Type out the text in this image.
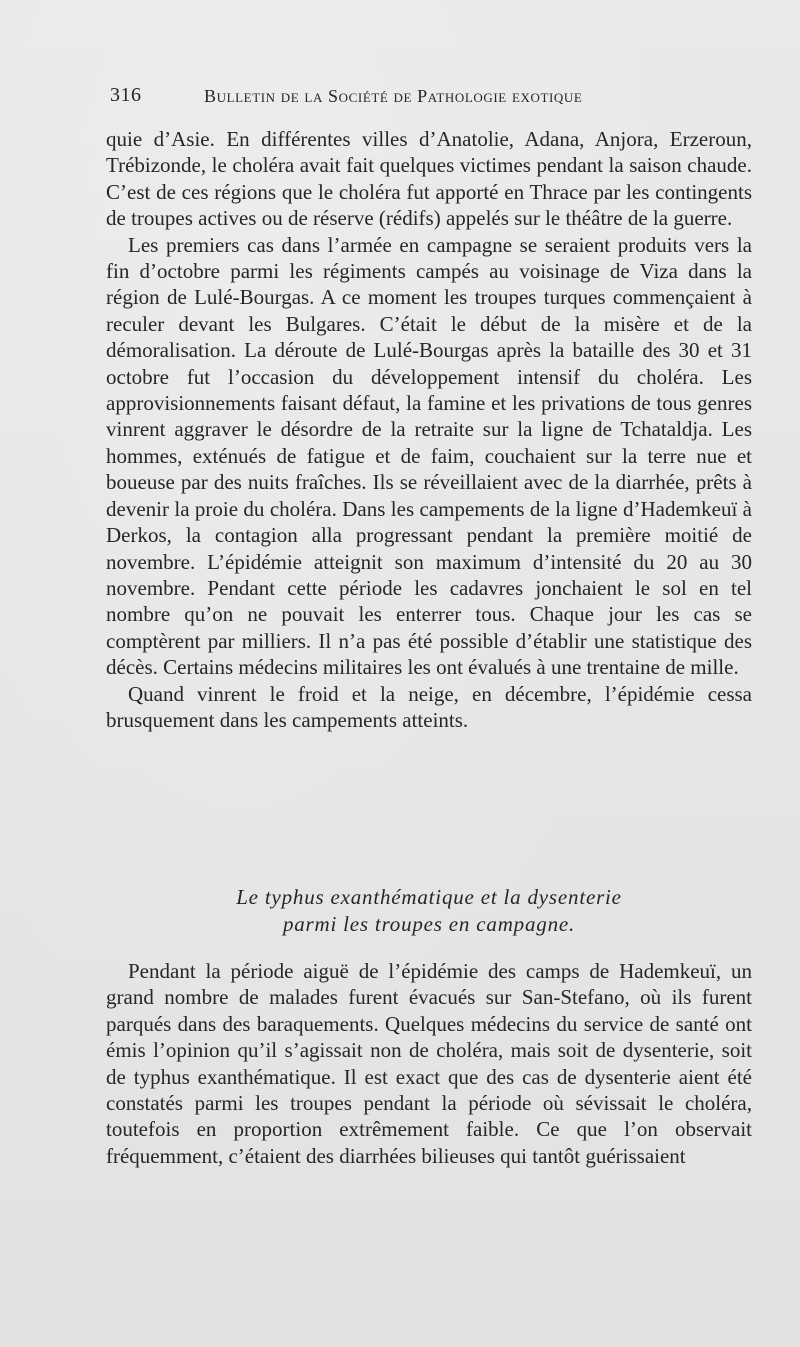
316	Bulletin de la Société de Pathologie exotique

quie d’Asie. En différentes villes d’Anatolie, Adana, Anjora, Erzeroun, Trébizonde, le choléra avait fait quelques victimes pendant la saison chaude. C’est de ces régions que le choléra fut apporté en Thrace par les contingents de troupes actives ou de réserve (rédifs) appelés sur le théâtre de la guerre.

Les premiers cas dans l’armée en campagne se seraient produits vers la fin d’octobre parmi les régiments campés au voisinage de Viza dans la région de Lulé-Bourgas. A ce moment les troupes turques commençaient à reculer devant les Bulgares. C’était le début de la misère et de la démoralisation. La déroute de Lulé-Bourgas après la bataille des 30 et 31 octobre fut l’occasion du développement intensif du choléra. Les approvisionnements faisant défaut, la famine et les privations de tous genres vinrent aggraver le désordre de la retraite sur la ligne de Tchataldja. Les hommes, exténués de fatigue et de faim, couchaient sur la terre nue et boueuse par des nuits fraîches. Ils se réveillaient avec de la diarrhée, prêts à devenir la proie du choléra. Dans les campements de la ligne d’Hademkeuï à Derkos, la contagion alla progressant pendant la première moitié de novembre. L’épidémie atteignit son maximum d’intensité du 20 au 30 novembre. Pendant cette période les cadavres jonchaient le sol en tel nombre qu’on ne pouvait les enterrer tous. Chaque jour les cas se comptèrent par milliers. Il n’a pas été possible d’établir une statistique des décès. Certains médecins militaires les ont évalués à une trentaine de mille.

Quand vinrent le froid et la neige, en décembre, l’épidémie cessa brusquement dans les campements atteints.

Le typhus exanthématique et la dysenterie
parmi les troupes en campagne.

Pendant la période aiguë de l’épidémie des camps de Hademkeuï, un grand nombre de malades furent évacués sur San-Stefano, où ils furent parqués dans des baraquements. Quelques médecins du service de santé ont émis l’opinion qu’il s’agissait non de choléra, mais soit de dysenterie, soit de typhus exanthématique. Il est exact que des cas de dysenterie aient été constatés parmi les troupes pendant la période où sévissait le choléra, toutefois en proportion extrêmement faible. Ce que l’on observait fréquemment, c’étaient des diarrhées bilieuses qui tantôt guérissaient
